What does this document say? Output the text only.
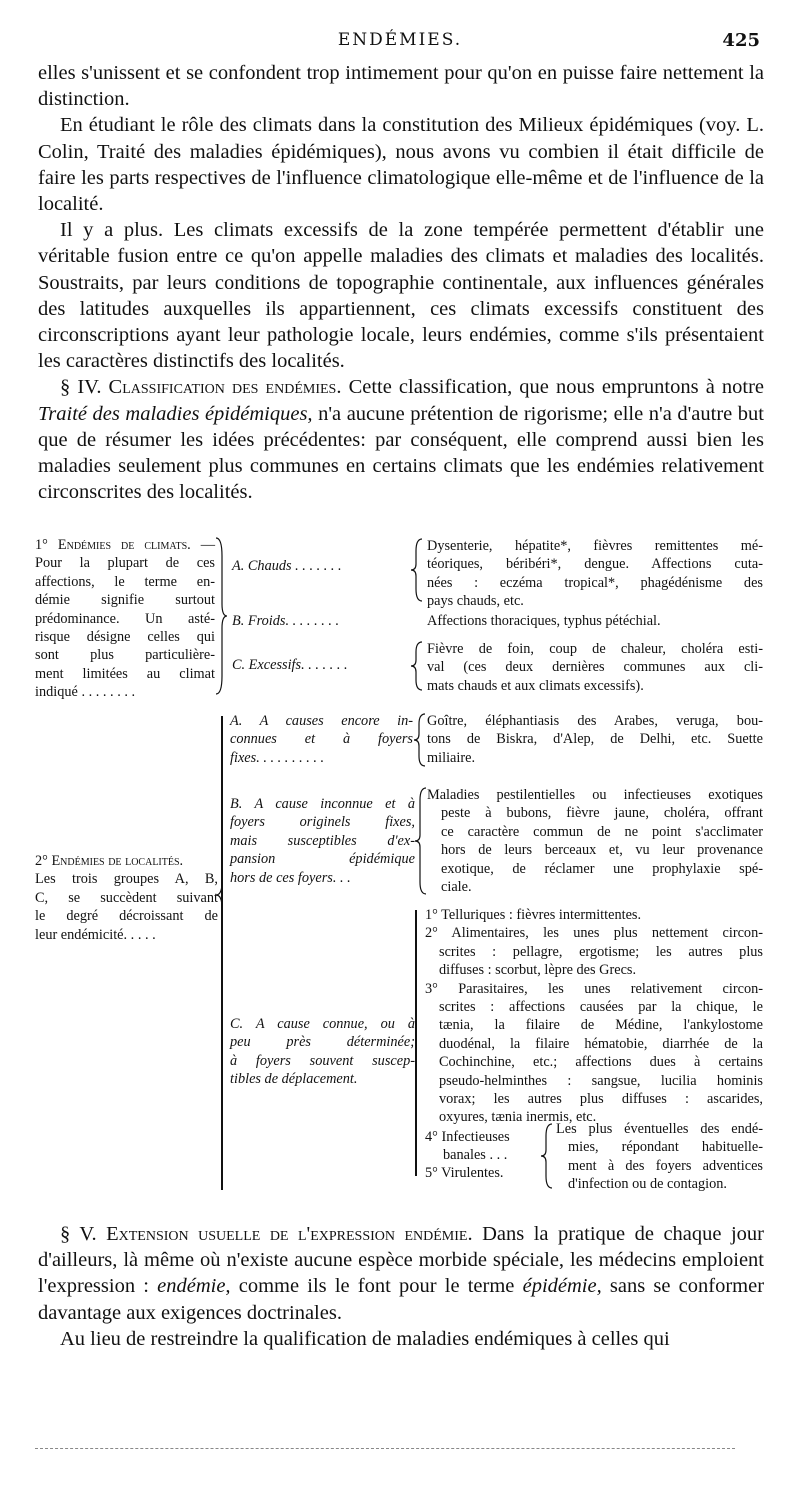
ENDÉMIES.	425

elles s'unissent et se confondent trop intimement pour qu'on en puisse faire nettement la distinction.

En étudiant le rôle des climats dans la constitution des Milieux épidémiques (voy. L. Colin, Traité des maladies épidémiques), nous avons vu combien il était difficile de faire les parts respectives de l'influence climatologique elle-même et de l'influence de la localité.

Il y a plus. Les climats excessifs de la zone tempérée permettent d'établir une véritable fusion entre ce qu'on appelle maladies des climats et maladies des localités. Soustraits, par leurs conditions de topographie continentale, aux influences générales des latitudes auxquelles ils appartiennent, ces climats excessifs constituent des circonscriptions ayant leur pathologie locale, leurs endémies, comme s'ils présentaient les caractères distinctifs des localités.

§ IV. Classification des endémies. Cette classification, que nous empruntons à notre Traité des maladies épidémiques, n'a aucune prétention de rigorisme; elle n'a d'autre but que de résumer les idées précédentes: par conséquent, elle comprend aussi bien les maladies seulement plus communes en certains climats que les endémies relativement circonscrites des localités.

1° Endémies de climats. —
Pour la plupart de ces
affections, le terme en-
démie signifie surtout
prédominance. Un asté-
risque désigne celles qui
sont plus particulière-
ment limitées au climat
indiqué . . . . . . . .
A. Chauds . . . . . . .
Dysenterie, hépatite*, fièvres remittentes mé-
téoriques, béribéri*, dengue. Affections cuta-
nées : eczéma tropical*, phagédénisme des
pays chauds, etc.
B. Froids. . . . . . . .	Affections thoraciques, typhus pétéchial.
C. Excessifs. . . . . . .
Fièvre de foin, coup de chaleur, choléra esti-
val (ces deux dernières communes aux cli-
mats chauds et aux climats excessifs).
2° Endémies de localités.
Les trois groupes A, B,
C, se succèdent suivant
le degré décroissant de
leur endémicité. . . . .
A. A causes encore in-
connues et à foyers
fixes. . . . . . . . . .
Goître, éléphantiasis des Arabes, veruga, bou-
tons de Biskra, d'Alep, de Delhi, etc. Suette
miliaire.
B. A cause inconnue et à
foyers originels fixes,
mais susceptibles d'ex-
pansion épidémique
hors de ces foyers. . .
Maladies pestilentielles ou infectieuses exotiques
peste à bubons, fièvre jaune, choléra, offrant
ce caractère commun de ne point s'acclimater
hors de leurs berceaux et, vu leur provenance
exotique, de réclamer une prophylaxie spé-
ciale.
C. A cause connue, ou à
peu près déterminée;
à foyers souvent suscep-
tibles de déplacement.
1° Telluriques : fièvres intermittentes.
2° Alimentaires, les unes plus nettement circon-
scrites : pellagre, ergotisme; les autres plus
diffuses : scorbut, lèpre des Grecs.
3° Parasitaires, les unes relativement circon-
scrites : affections causées par la chique, le
tænia, la filaire de Médine, l'ankylostome
duodénal, la filaire hématobie, diarrhée de la
Cochinchine, etc.; affections dues à certains
pseudo-helminthes : sangsue, lucilia hominis
vorax; les autres plus diffuses : ascarides,
oxyures, tænia inermis, etc.
4° Infectieuses
banales . . .
5° Virulentes.
Les plus éventuelles des endé-
mies, répondant habituelle-
ment à des foyers adventices
d'infection ou de contagion.

§ V. Extension usuelle de l'expression endémie. Dans la pratique de chaque jour d'ailleurs, là même où n'existe aucune espèce morbide spéciale, les médecins emploient l'expression : endémie, comme ils le font pour le terme épidémie, sans se conformer davantage aux exigences doctrinales.

Au lieu de restreindre la qualification de maladies endémiques à celles qui
